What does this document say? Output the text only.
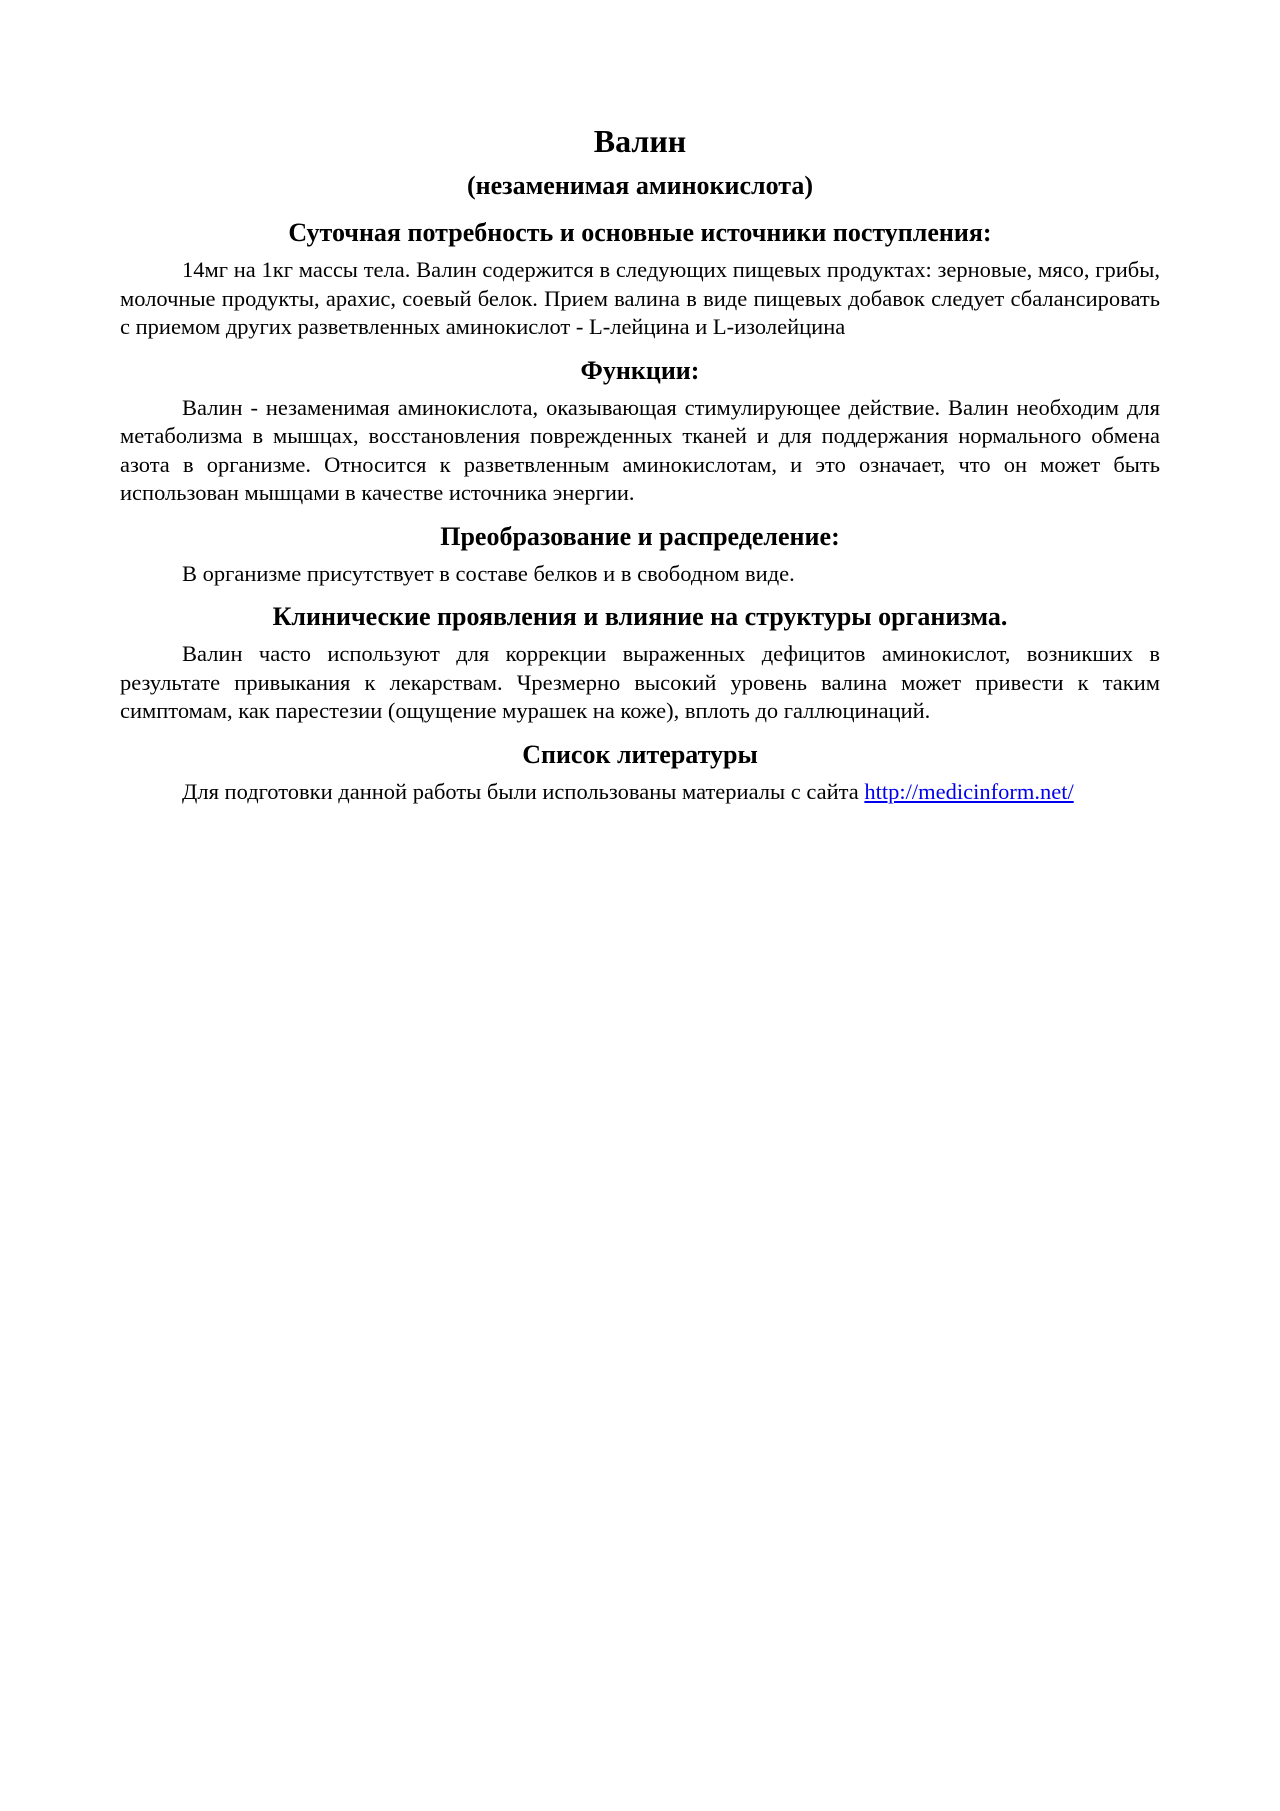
Валин
(незаменимая аминокислота)
Суточная потребность и основные источники поступления:

14мг на 1кг массы тела. Валин содержится в следующих пищевых продуктах: зерновые, мясо, грибы, молочные продукты, арахис, соевый белок. Прием валина в виде пищевых добавок следует сбалансировать с приемом других разветвленных аминокислот - L-лейцина и L-изолейцина

Функции:

Валин - незаменимая аминокислота, оказывающая стимулирующее действие. Валин необходим для метаболизма в мышцах, восстановления поврежденных тканей и для поддержания нормального обмена азота в организме. Относится к разветвленным аминокислотам, и это означает, что он может быть использован мышцами в качестве источника энергии.

Преобразование и распределение:

В организме присутствует в составе белков и в свободном виде.

Клинические проявления и влияние на структуры организма.

Валин часто используют для коррекции выраженных дефицитов аминокислот, возникших в результате привыкания к лекарствам. Чрезмерно высокий уровень валина может привести к таким симптомам, как парестезии (ощущение мурашек на коже), вплоть до галлюцинаций.

Список литературы

Для подготовки данной работы были использованы материалы с сайта http://medicinform.net/
